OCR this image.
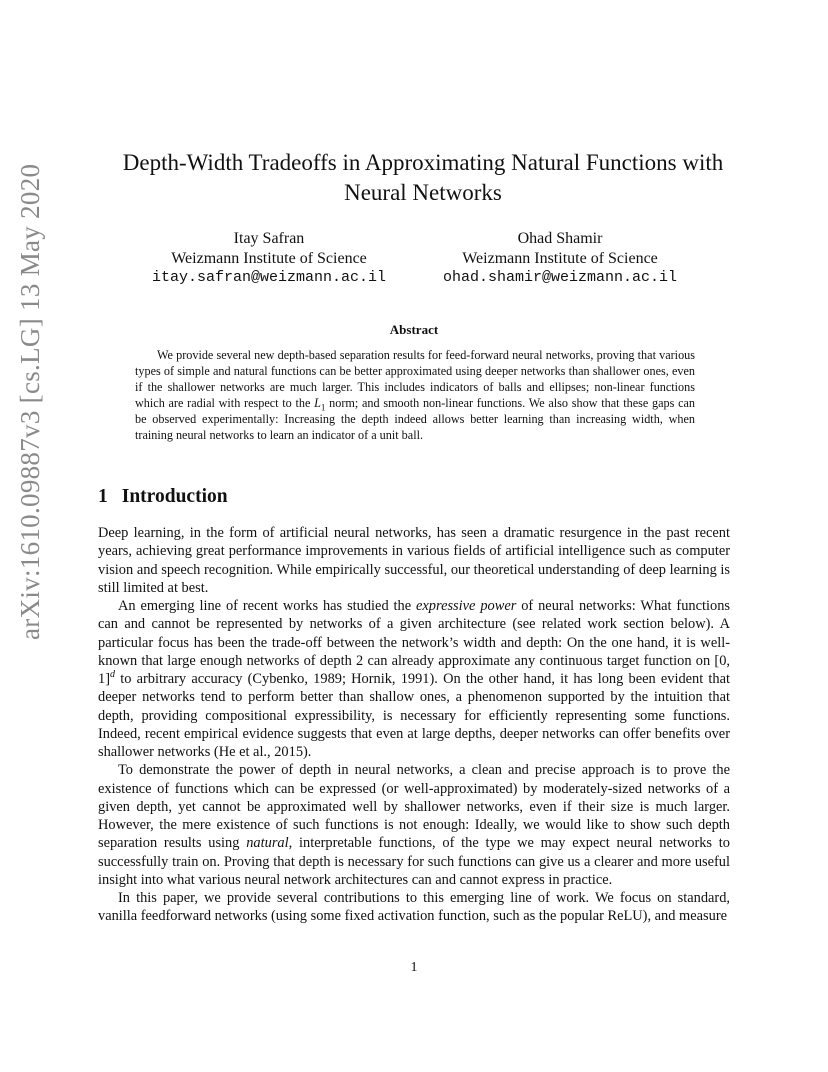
arXiv:1610.09887v3 [cs.LG] 13 May 2020
Depth-Width Tradeoffs in Approximating Natural Functions with Neural Networks
Itay Safran
Weizmann Institute of Science
itay.safran@weizmann.ac.il
Ohad Shamir
Weizmann Institute of Science
ohad.shamir@weizmann.ac.il
Abstract

We provide several new depth-based separation results for feed-forward neural networks, proving that various types of simple and natural functions can be better approximated using deeper networks than shallower ones, even if the shallower networks are much larger. This includes indicators of balls and ellipses; non-linear functions which are radial with respect to the $L_1$ norm; and smooth non-linear functions. We also show that these gaps can be observed experimentally: Increasing the depth indeed allows better learning than increasing width, when training neural networks to learn an indicator of a unit ball.

1 Introduction

Deep learning, in the form of artificial neural networks, has seen a dramatic resurgence in the past recent years, achieving great performance improvements in various fields of artificial intelligence such as computer vision and speech recognition. While empirically successful, our theoretical understanding of deep learning is still limited at best.

An emerging line of recent works has studied the expressive power of neural networks: What functions can and cannot be represented by networks of a given architecture (see related work section below). A particular focus has been the trade-off between the network’s width and depth: On the one hand, it is well-known that large enough networks of depth 2 can already approximate any continuous target function on [0, 1]$^d$ to arbitrary accuracy (Cybenko, 1989; Hornik, 1991). On the other hand, it has long been evident that deeper networks tend to perform better than shallow ones, a phenomenon supported by the intuition that depth, providing compositional expressibility, is necessary for efficiently representing some functions. Indeed, recent empirical evidence suggests that even at large depths, deeper networks can offer benefits over shallower networks (He et al., 2015).

To demonstrate the power of depth in neural networks, a clean and precise approach is to prove the existence of functions which can be expressed (or well-approximated) by moderately-sized networks of a given depth, yet cannot be approximated well by shallower networks, even if their size is much larger. However, the mere existence of such functions is not enough: Ideally, we would like to show such depth separation results using natural, interpretable functions, of the type we may expect neural networks to successfully train on. Proving that depth is necessary for such functions can give us a clearer and more useful insight into what various neural network architectures can and cannot express in practice.

In this paper, we provide several contributions to this emerging line of work. We focus on standard, vanilla feedforward networks (using some fixed activation function, such as the popular ReLU), and measure

1
